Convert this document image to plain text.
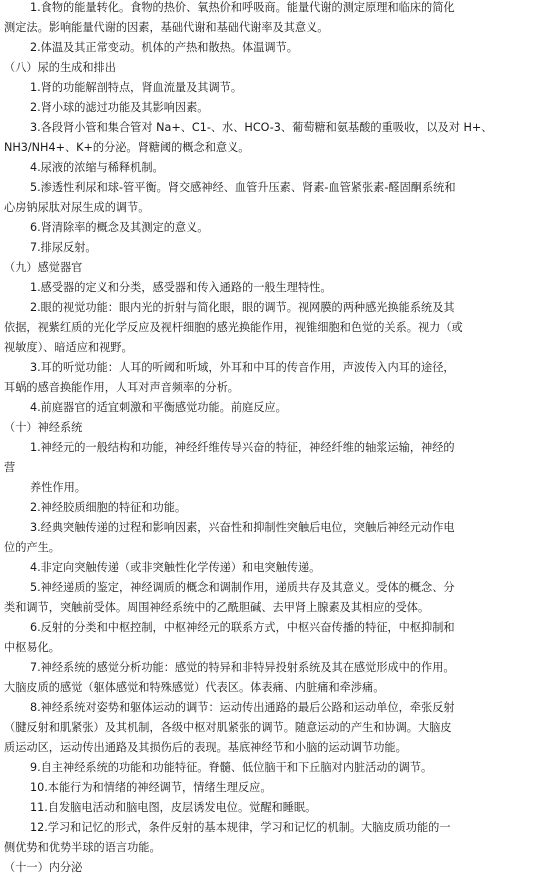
1.食物的能量转化。食物的热价、氧热价和呼吸商。能量代谢的测定原理和临床的简化
测定法。影响能量代谢的因素，基础代谢和基础代谢率及其意义。
2.体温及其正常变动。机体的产热和散热。体温调节。
（八）尿的生成和排出
1.肾的功能解剖特点，肾血流量及其调节。
2.肾小球的滤过功能及其影响因素。
3.各段肾小管和集合管对 Na+、C1-、水、HCO-3、葡萄糖和氨基酸的重吸收，以及对 H+、
NH3/NH4+、K+的分泌。肾糖阈的概念和意义。
4.尿液的浓缩与稀释机制。
5.渗透性利尿和球-管平衡。肾交感神经、血管升压素、肾素-血管紧张素-醛固酮系统和
心房钠尿肽对尿生成的调节。
6.肾清除率的概念及其测定的意义。
7.排尿反射。
（九）感觉器官
1.感受器的定义和分类，感受器和传入通路的一般生理特性。
2.眼的视觉功能：眼内光的折射与简化眼，眼的调节。视网膜的两种感光换能系统及其
依据，视紫红质的光化学反应及视杆细胞的感光换能作用，视锥细胞和色觉的关系。视力（或
视敏度）、暗适应和视野。
3.耳的听觉功能：人耳的听阈和听域，外耳和中耳的传音作用，声波传入内耳的途径，
耳蜗的感音换能作用，人耳对声音频率的分析。
4.前庭器官的适宜刺激和平衡感觉功能。前庭反应。
（十）神经系统
1.神经元的一般结构和功能，神经纤维传导兴奋的特征，神经纤维的轴浆运输，神经的
营
养性作用。
2.神经胶质细胞的特征和功能。
3.经典突触传递的过程和影响因素，兴奋性和抑制性突触后电位，突触后神经元动作电
位的产生。
4.非定向突触传递（或非突触性化学传递）和电突触传递。
5.神经递质的鉴定，神经调质的概念和调制作用，递质共存及其意义。受体的概念、分
类和调节，突触前受体。周围神经系统中的乙酰胆碱、去甲肾上腺素及其相应的受体。
6.反射的分类和中枢控制，中枢神经元的联系方式，中枢兴奋传播的特征，中枢抑制和
中枢易化。
7.神经系统的感觉分析功能：感觉的特异和非特异投射系统及其在感觉形成中的作用。
大脑皮质的感觉（躯体感觉和特殊感觉）代表区。体表痛、内脏痛和牵涉痛。
8.神经系统对姿势和躯体运动的调节：运动传出通路的最后公路和运动单位，牵张反射
（腱反射和肌紧张）及其机制，各级中枢对肌紧张的调节。随意运动的产生和协调。大脑皮
质运动区，运动传出通路及其损伤后的表现。基底神经节和小脑的运动调节功能。
9.自主神经系统的功能和功能特征。脊髓、低位脑干和下丘脑对内脏活动的调节。
10.本能行为和情绪的神经调节，情绪生理反应。
11.自发脑电活动和脑电图，皮层诱发电位。觉醒和睡眠。
12.学习和记忆的形式，条件反射的基本规律，学习和记忆的机制。大脑皮质功能的一
侧优势和优势半球的语言功能。
（十一）内分泌
